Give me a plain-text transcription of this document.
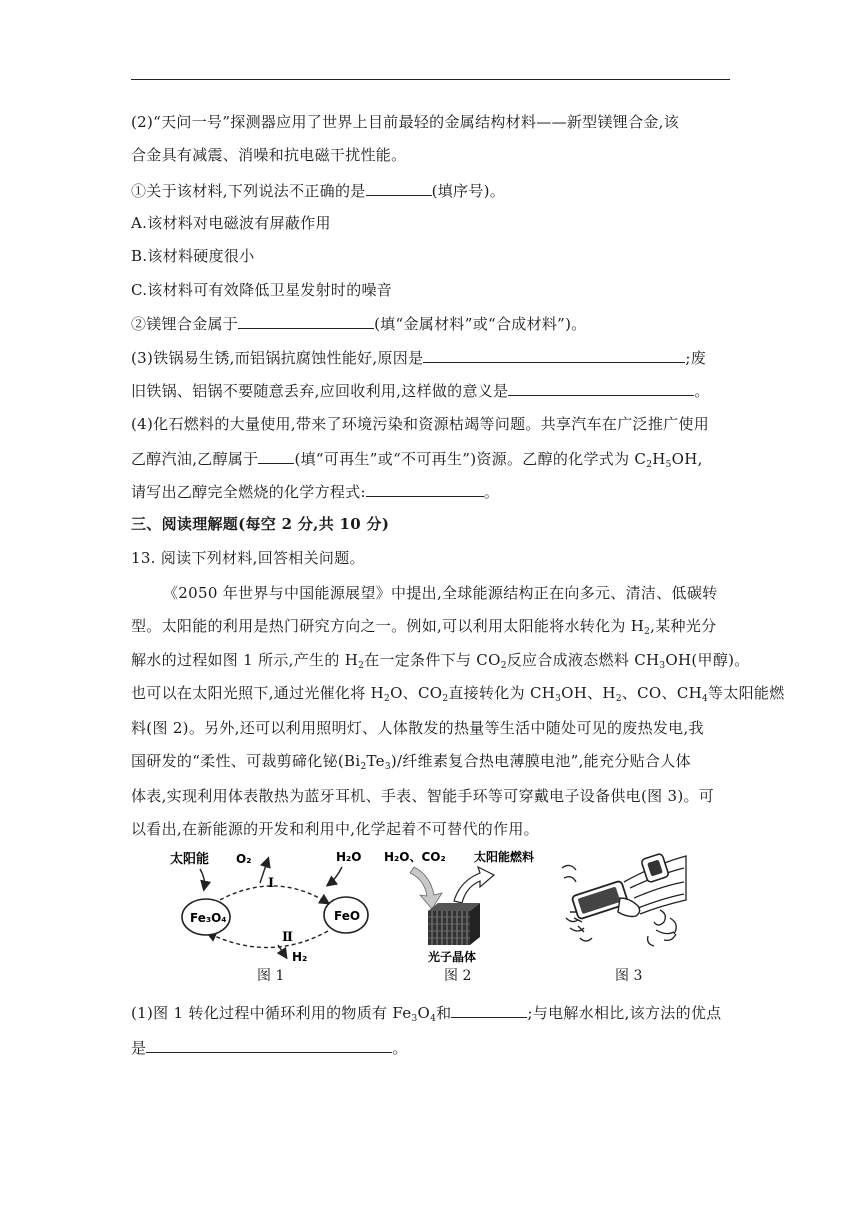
(2)“天问一号”探测器应用了世界上目前最轻的金属结构材料——新型镁锂合金,该
合金具有减震、消噪和抗电磁干扰性能。
①关于该材料,下列说法不正确的是	(填序号)。
A.该材料对电磁波有屏蔽作用
B.该材料硬度很小
C.该材料可有效降低卫星发射时的噪音
②镁锂合金属于	(填“金属材料”或“合成材料”)。
(3)铁锅易生锈,而铝锅抗腐蚀性能好,原因是	;废
旧铁锅、铝锅不要随意丢弃,应回收利用,这样做的意义是	。
(4)化石燃料的大量使用,带来了环境污染和资源枯竭等问题。共享汽车在广泛推广使用
乙醇汽油,乙醇属于 (填“可再生”或“不可再生”)资源。乙醇的化学式为 $C_2H_5OH$,
请写出乙醇完全燃烧的化学方程式:	。
三、阅读理解题(每空 2 分,共 10 分)
13. 阅读下列材料,回答相关问题。
《2050 年世界与中国能源展望》中提出,全球能源结构正在向多元、清洁、低碳转
型。太阳能的利用是热门研究方向之一。例如,可以利用太阳能将水转化为 $H_2$,某种光分
解水的过程如图 1 所示,产生的 $H_2$在一定条件下与 $CO_2$反应合成液态燃料 $CH_3OH$(甲醇)。
也可以在太阳光照下,通过光催化将 $H_2O$、$CO_2$直接转化为 $CH_3OH$、$H_2$、CO、$CH_4$等太阳能燃
料(图 2)。另外,还可以利用照明灯、人体散发的热量等生活中随处可见的废热发电,我
国研发的“柔性、可裁剪碲化铋$(Bi_2Te_3)/$纤维素复合热电薄膜电池”,能充分贴合人体
体表,实现利用体表散热为蓝牙耳机、手表、智能手环等可穿戴电子设备供电(图 3)。可
以看出,在新能源的开发和利用中,化学起着不可替代的作用。
太阳能 O₂	H₂O
Ⅰ
Ⅱ
H₂
Fe₃O₄	FeO
图 1
H₂O、CO₂ 太阳能燃料
光子晶体
图 2	图 3
(1)图 1 转化过程中循环利用的物质有 $Fe_3O_4$和	;与电解水相比,该方法的优点
是	。
